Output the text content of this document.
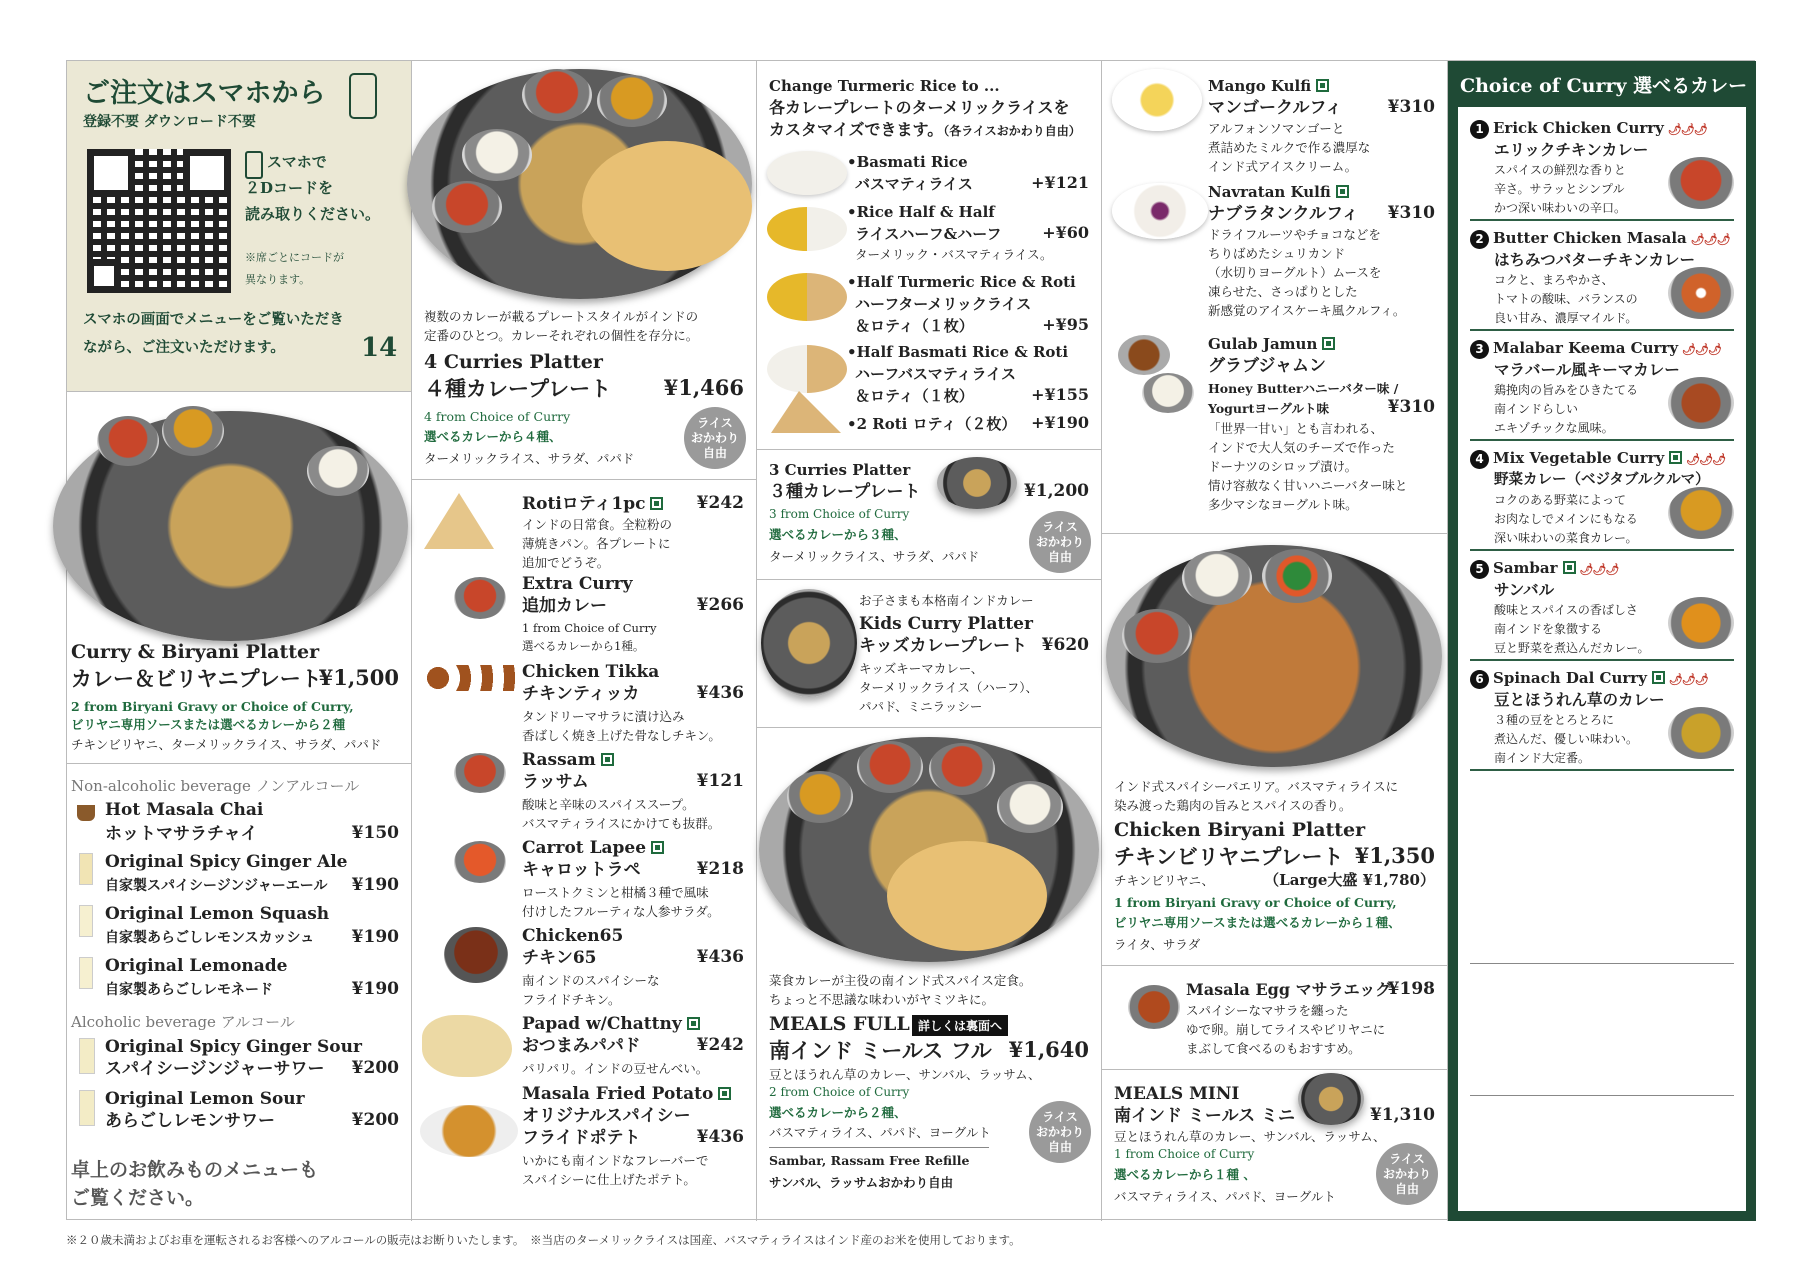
ご注文はスマホから
登録不要 ダウンロード不要
スマホで
２Dコードを
読み取りください。
※席ごとにコードが
異なります。
スマホの画面でメニューをご覧いただき
ながら、ご注文いただけます。	14
Curry & Biryani Platter
カレー＆ビリヤニプレート
¥1,500
2 from Biryani Gravy or Choice of Curry,
ビリヤニ専用ソースまたは選べるカレーから２種
チキンビリヤニ、ターメリックライス、サラダ、パパド
Non-alcoholic beverage ノンアルコール
Hot Masala Chai
ホットマサラチャイ	¥150
Original Spicy Ginger Ale
自家製スパイシージンジャーエール ¥190
Original Lemon Squash
自家製あらごしレモンスカッシュ ¥190
Original Lemonade
自家製あらごしレモネード	¥190
Alcoholic beverage アルコール
Original Spicy Ginger Sour
スパイシージンジャーサワー ¥200
Original Lemon Sour
あらごしレモンサワー	¥200
卓上のお飲みものメニューも
ご覧ください。
複数のカレーが載るプレートスタイルがインドの
定番のひとつ。カレーそれぞれの個性を存分に。
4 Curries Platter
４種カレープレート	¥1,466
4 from Choice of Curry
選べるカレーから４種、
ターメリックライス、サラダ、パパド
ライス
おかわり
自由
Rotiロティ1pc	¥242
インドの日常食。全粒粉の
薄焼きパン。各プレートに
追加でどうぞ。
Extra Curry
追加カレー	¥266
1 from Choice of Curry
選べるカレーから1種。
Chicken Tikka
チキンティッカ	¥436
タンドリーマサラに漬け込み
香ばしく焼き上げた骨なしチキン。
Rassam
ラッサム	¥121
酸味と辛味のスパイススープ。
バスマティライスにかけても抜群。
Carrot Lapee
キャロットラペ	¥218
ローストクミンと柑橘３種で風味
付けしたフルーティな人参サラダ。
Chicken65
チキン65	¥436
南インドのスパイシーな
フライドチキン。
Papad w/Chattny
おつまみパパド	¥242
パリパリ。インドの豆せんべい。
Masala Fried Potato
オリジナルスパイシー
フライドポテト	¥436
いかにも南インドなフレーバーで
スパイシーに仕上げたポテト。
Change Turmeric Rice to ...
各カレープレートのターメリックライスを
カスタマイズできます。（各ライスおかわり自由）
•Basmati Rice
バスマティライス	+¥121
•Rice Half & Half
ライスハーフ&ハーフ	+¥60
ターメリック・バスマティライス。
•Half Turmeric Rice & Roti
ハーフターメリックライス
＆ロティ（１枚）	+¥95
•Half Basmati Rice & Roti
ハーフバスマティライス
＆ロティ（１枚）	+¥155
•2 Roti ロティ（２枚） +¥190
3 Curries Platter
３種カレープレート	¥1,200
3 from Choice of Curry
選べるカレーから３種、
ターメリックライス、サラダ、パパド
ライス
おかわり
自由
お子さまも本格南インドカレー
Kids Curry Platter
キッズカレープレート ¥620
キッズキーマカレー、
ターメリックライス（ハーフ）、
パパド、ミニラッシー
菜食カレーが主役の南インド式スパイス定食。
ちょっと不思議な味わいがヤミツキに。
MEALS FULL 詳しくは裏面へ
南インド ミールス フル ¥1,640
豆とほうれん草のカレー、サンバル、ラッサム、
2 from Choice of Curry
選べるカレーから２種、
バスマティライス、パパド、ヨーグルト
Sambar, Rassam Free Refille
サンバル、ラッサムおかわり自由
ライス
おかわり
自由
Mango Kulfi
マンゴークルフィ	¥310
アルフォンソマンゴーと
煮詰めたミルクで作る濃厚な
インド式アイスクリーム。
Navratan Kulfi
ナブラタンクルフィ ¥310
ドライフルーツやチョコなどを
ちりばめたシュリカンド
（水切りヨーグルト）ムースを
凍らせた、さっぱりとした
新感覚のアイスケーキ風クルフィ。
Gulab Jamun
グラブジャムン
Honey Butterハニーバター味 /
Yogurtヨーグルト味	¥310
「世界一甘い」とも言われる、
インドで大人気のチーズで作った
ドーナツのシロップ漬け。
情け容赦なく甘いハニーバター味と
多少マシなヨーグルト味。
インド式スパイシーパエリア。バスマティライスに
染み渡った鶏肉の旨みとスパイスの香り。
Chicken Biryani Platter
チキンビリヤニプレート ¥1,350
チキンビリヤニ、	（Large大盛 ¥1,780）
1 from Biryani Gravy or Choice of Curry,
ビリヤニ専用ソースまたは選べるカレーから１種、
ライタ、サラダ
Masala Egg マサラエッグ
¥198
スパイシーなマサラを纏った
ゆで卵。崩してライスやビリヤニに
まぶして食べるのもおすすめ。
MEALS MINI
南インド ミールス ミニ	¥1,310
豆とほうれん草のカレー、サンバル、ラッサム、
1 from Choice of Curry
選べるカレーから１種 、
バスマティライス、パパド、ヨーグルト
ライス
おかわり
自由
Choice of Curry 選べるカレー
1 Erick Chicken Curry 🌶🌶🌶
エリックチキンカレー
スパイスの鮮烈な香りと
辛さ。サラッとシンプル
かつ深い味わいの辛口。
2 Butter Chicken Masala 🌶🌶🌶
はちみつバターチキンカレー
コクと、まろやかさ、
トマトの酸味、バランスの
良い甘み、濃厚マイルド。
3 Malabar Keema Curry 🌶🌶🌶
マラバール風キーマカレー
鶏挽肉の旨みをひきたてる
南インドらしい
エキゾチックな風味。
4 Mix Vegetable Curry 🌶🌶🌶
野菜カレー（ベジタブルクルマ）
コクのある野菜によって
お肉なしでメインにもなる
深い味わいの菜食カレー。
5 Sambar 🌶🌶🌶
サンバル
酸味とスパイスの香ばしさ
南インドを象徴する
豆と野菜を煮込んだカレー。
6 Spinach Dal Curry 🌶🌶🌶
豆とほうれん草のカレー
３種の豆をとろとろに
煮込んだ、優しい味わい。
南インド大定番。
※２０歳未満およびお車を運転されるお客様へのアルコールの販売はお断りいたします。　※当店のターメリックライスは国産、バスマティライスはインド産のお米を使用しております。
